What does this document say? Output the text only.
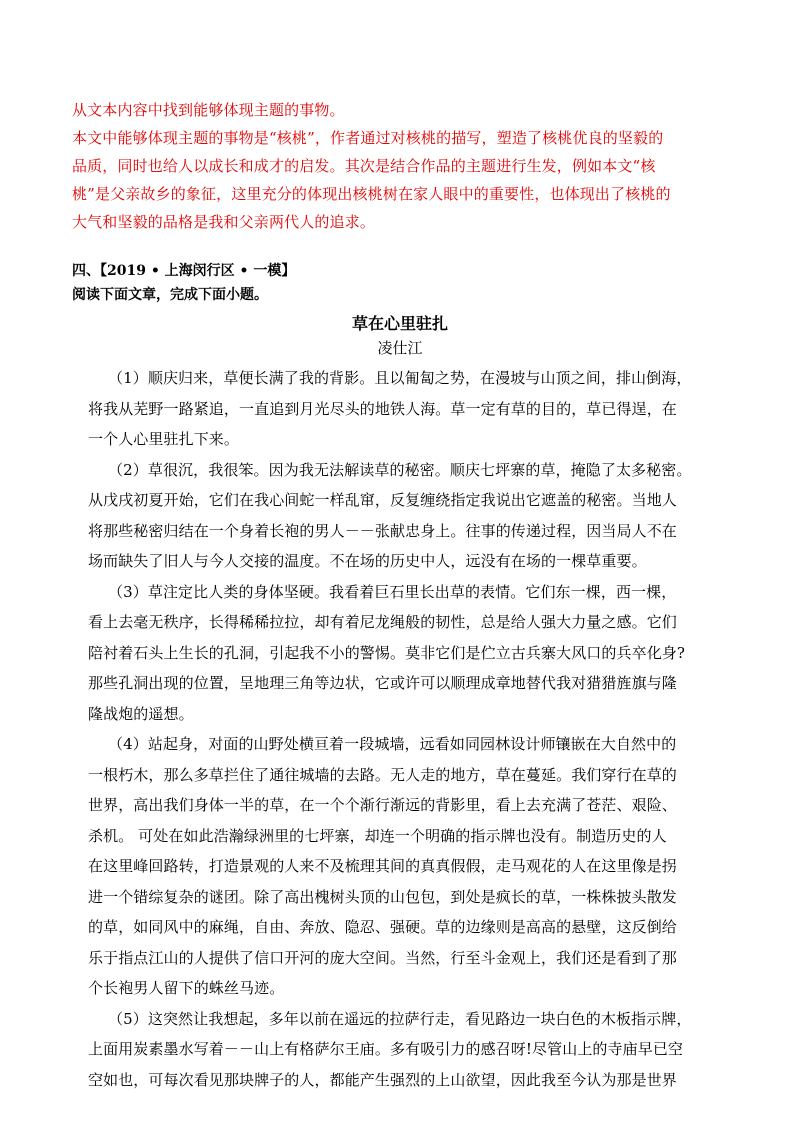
从文本内容中找到能够体现主题的事物。
本文中能够体现主题的事物是“核桃”，作者通过对核桃的描写，塑造了核桃优良的坚毅的
品质，同时也给人以成长和成才的启发。其次是结合作品的主题进行生发，例如本文“核
桃”是父亲故乡的象征，这里充分的体现出核桃树在家人眼中的重要性，也体现出了核桃的
大气和坚毅的品格是我和父亲两代人的追求。
四、【2019 • 上海闵行区 • 一模】
阅读下面文章，完成下面小题。
草在心里驻扎
凌仕江
（1）顺庆归来，草便长满了我的背影。且以匍匐之势，在漫坡与山顶之间，排山倒海，
将我从芜野一路紧追，一直追到月光尽头的地铁人海。草一定有草的目的，草已得逞，在
一个人心里驻扎下来。
（2）草很沉，我很笨。因为我无法解读草的秘密。顺庆七坪寨的草，掩隐了太多秘密。
从戊戌初夏开始，它们在我心间蛇一样乱窜，反复缠绕指定我说出它遮盖的秘密。当地人
将那些秘密归结在一个身着长袍的男人－－张献忠身上。往事的传递过程，因当局人不在
场而缺失了旧人与今人交接的温度。不在场的历史中人，远没有在场的一棵草重要。
（3）草注定比人类的身体坚硬。我看着巨石里长出草的表情。它们东一棵，西一棵，
看上去毫无秩序，长得稀稀拉拉，却有着尼龙绳般的韧性，总是给人强大力量之感。它们
陪衬着石头上生长的孔洞，引起我不小的警惕。莫非它们是伫立古兵寨大风口的兵卒化身?
那些孔洞出现的位置，呈地理三角等边状，它或许可以顺理成章地替代我对猎猎旌旗与隆
隆战炮的遥想。
（4）站起身，对面的山野处横亘着一段城墙，远看如同园林设计师镶嵌在大自然中的
一根朽木，那么多草拦住了通往城墙的去路。无人走的地方，草在蔓延。我们穿行在草的
世界，高出我们身体一半的草，在一个个渐行渐远的背影里，看上去充满了苍茫、艰险、
杀机。 可处在如此浩瀚绿洲里的七坪寨，却连一个明确的指示牌也没有。制造历史的人
在这里峰回路转，打造景观的人来不及梳理其间的真真假假，走马观花的人在这里像是拐
进一个错综复杂的谜团。除了高出槐树头顶的山包包，到处是疯长的草，一株株披头散发
的草，如同风中的麻绳，自由、奔放、隐忍、强硬。草的边缘则是高高的悬壁，这反倒给
乐于指点江山的人提供了信口开河的庞大空间。当然，行至斗金观上，我们还是看到了那
个长袍男人留下的蛛丝马迹。
（5）这突然让我想起，多年以前在遥远的拉萨行走，看见路边一块白色的木板指示牌，
上面用炭素墨水写着－－山上有格萨尔王庙。多有吸引力的感召呀!尽管山上的寺庙早已空
空如也，可每次看见那块牌子的人，都能产生强烈的上山欲望，因此我至今认为那是世界
